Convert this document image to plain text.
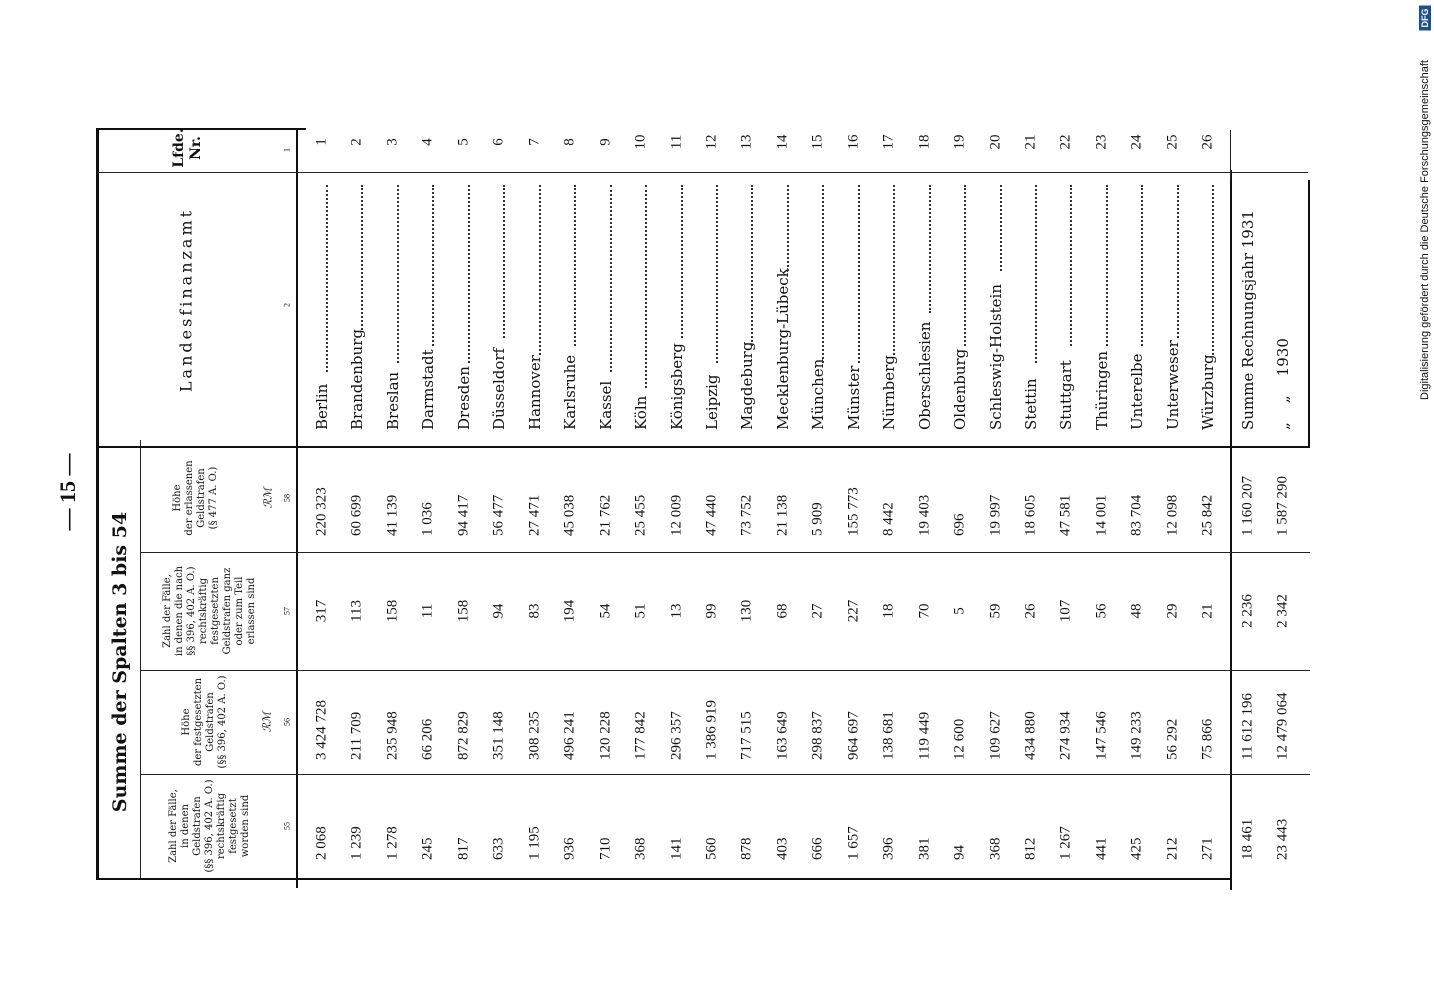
— 15 —
Summe der Spalten 3 bis 54
Digitalisierung gefördert durch die Deutsche Forschungsgemeinschaft
DFG
Zahl der Fälle,
in denen
Geldstrafen
(§§ 396, 402 A. O.)
rechtskräftig
festgesetzt
worden sind
Höhe
der festgesetzten
Geldstrafen
(§§ 396, 402 A. O.)
ℛℳ
Zahl der Fälle,
in denen die nach
§§ 396, 402 A. O.)
rechtskräftig
festgesetzten
Geldstrafen ganz
oder zum Teil
erlassen sind
Höhe
der erlassenen
Geldstrafen
(§ 477 A. O.)
ℛℳ
Landesfinanzamt
Lfde.
Nr.
55
56
57
58
2
1
2 068
3 424 728
317
220 323
Berlin
1
1 239
211 709
113
60 699
Brandenburg
2
1 278
235 948
158
41 139
Breslau
3
245
66 206
11
1 036
Darmstadt
4
817
872 829
158
94 417
Dresden
5
633
351 148
94
56 477
Düsseldorf
6
1 195
308 235
83
27 471
Hannover
7
936
496 241
194
45 038
Karlsruhe
8
710
120 228
54
21 762
Kassel
9
368
177 842
51
25 455
Köln
10
141
296 357
13
12 009
Königsberg
11
560
1 386 919
99
47 440
Leipzig
12
878
717 515
130
73 752
Magdeburg
13
403
163 649
68
21 138
Mecklenburg-Lübeck
14
666
298 837
27
5 909
München
15
1 657
964 697
227
155 773
Münster
16
396
138 681
18
8 442
Nürnberg
17
381
119 449
70
19 403
Oberschlesien
18
94
12 600
5
696
Oldenburg
19
368
109 627
59
19 997
Schleswig-Holstein
20
812
434 880
26
18 605
Stettin
21
1 267
274 934
107
47 581
Stuttgart
22
441
147 546
56
14 001
Thüringen
23
425
149 233
48
83 704
Unterelbe
24
212
56 292
29
12 098
Unterweser
25
271
75 866
21
25 842
Würzburg
26
18 461
11 612 196
2 236
1 160 207
Summe Rechnungsjahr 1931
23 443
12 479 064
2 342
1 587 290
„    „    1930
